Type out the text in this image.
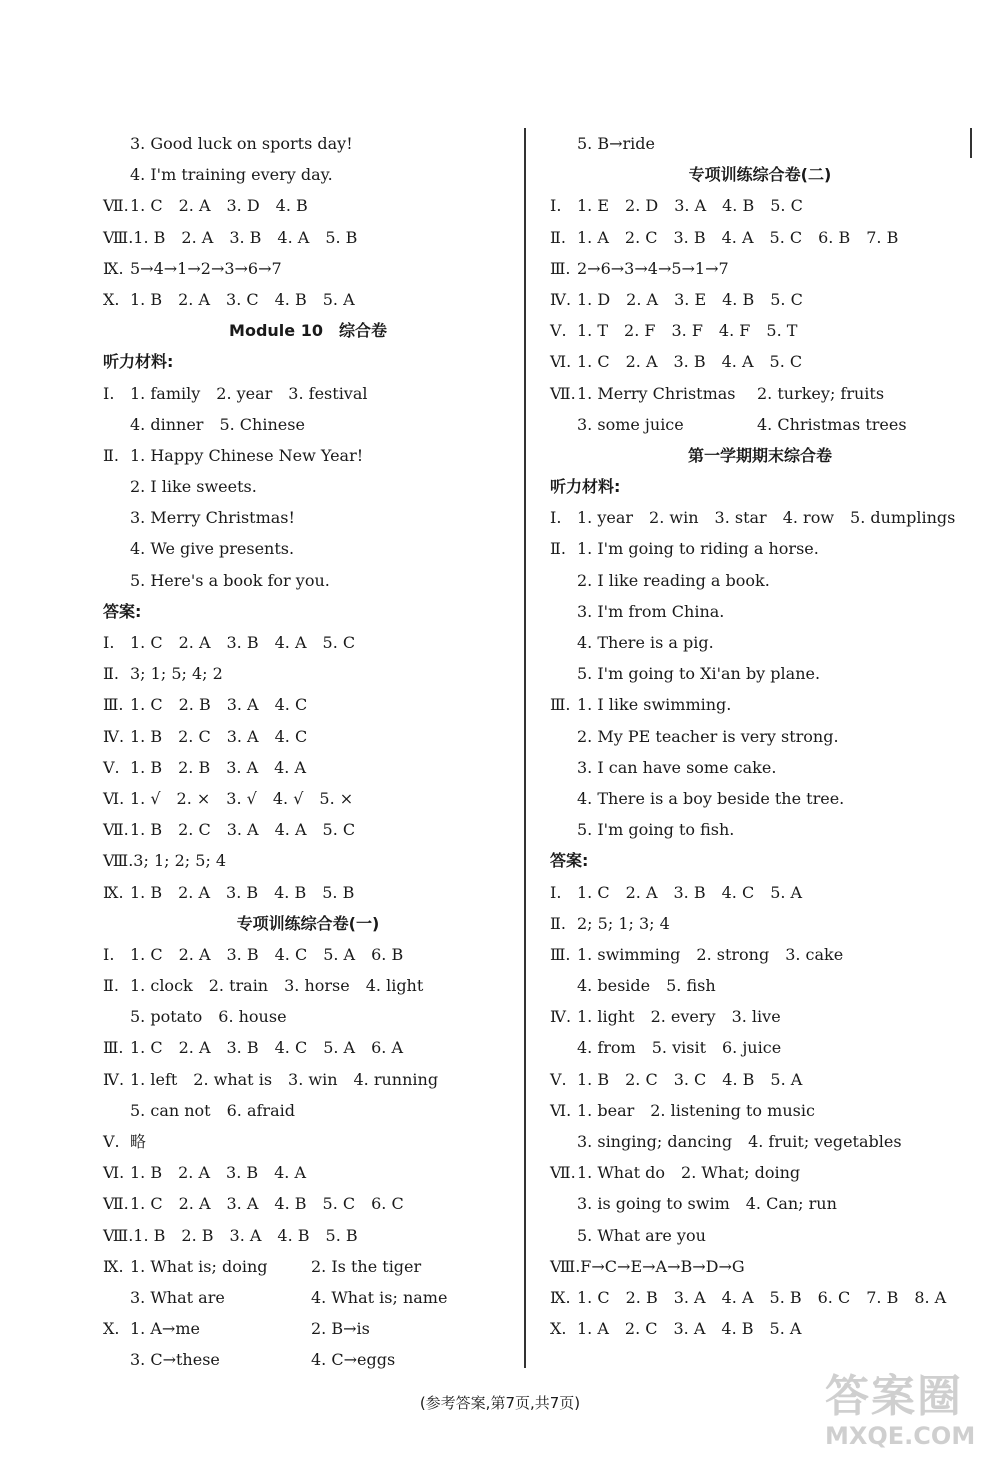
3. Good luck on sports day!
4. I'm training every day.
Ⅶ.1. C　2. A　3. D　4. B
Ⅷ.1. B　2. A　3. B　4. A　5. B
Ⅸ. 5→4→1→2→3→6→7
Ⅹ. 1. B　2. A　3. C　4. B　5. A
Module 10　综合卷
听力材料:
Ⅰ. 1. family　2. year　3. festival
4. dinner　5. Chinese
Ⅱ. 1. Happy Chinese New Year!
2. I like sweets.
3. Merry Christmas!
4. We give presents.
5. Here's a book for you.
答案:
Ⅰ. 1. C　2. A　3. B　4. A　5. C
Ⅱ. 3; 1; 5; 4; 2
Ⅲ. 1. C　2. B　3. A　4. C
Ⅳ. 1. B　2. C　3. A　4. C
Ⅴ. 1. B　2. B　3. A　4. A
Ⅵ. 1. √　2. ×　3. √　4. √　5. ×
Ⅶ.1. B　2. C　3. A　4. A　5. C
Ⅷ.3; 1; 2; 5; 4
Ⅸ. 1. B　2. A　3. B　4. B　5. B
专项训练综合卷(一)
Ⅰ. 1. C　2. A　3. B　4. C　5. A　6. B
Ⅱ. 1. clock　2. train　3. horse　4. light
5. potato　6. house
Ⅲ. 1. C　2. A　3. B　4. C　5. A　6. A
Ⅳ. 1. left　2. what is　3. win　4. running
5. can not　6. afraid
Ⅴ. 略
Ⅵ. 1. B　2. A　3. B　4. A
Ⅶ.1. C　2. A　3. A　4. B　5. C　6. C
Ⅷ.1. B　2. B　3. A　4. B　5. B
Ⅸ. 1. What is; doing	2. Is the tiger
3. What are	4. What is; name
Ⅹ. 1. A→me	2. B→is
3. C→these	4. C→eggs
5. B→ride
专项训练综合卷(二)
Ⅰ. 1. E　2. D　3. A　4. B　5. C
Ⅱ. 1. A　2. C　3. B　4. A　5. C　6. B　7. B
Ⅲ. 2→6→3→4→5→1→7
Ⅳ. 1. D　2. A　3. E　4. B　5. C
Ⅴ. 1. T　2. F　3. F　4. F　5. T
Ⅵ. 1. C　2. A　3. B　4. A　5. C
Ⅶ.1. Merry Christmas 2. turkey; fruits
3. some juice	4. Christmas trees
第一学期期末综合卷
听力材料:
Ⅰ. 1. year　2. win　3. star　4. row　5. dumplings
Ⅱ. 1. I'm going to riding a horse.
2. I like reading a book.
3. I'm from China.
4. There is a pig.
5. I'm going to Xi'an by plane.
Ⅲ. 1. I like swimming.
2. My PE teacher is very strong.
3. I can have some cake.
4. There is a boy beside the tree.
5. I'm going to fish.
答案:
Ⅰ. 1. C　2. A　3. B　4. C　5. A
Ⅱ. 2; 5; 1; 3; 4
Ⅲ. 1. swimming　2. strong　3. cake
4. beside　5. fish
Ⅳ. 1. light　2. every　3. live
4. from　5. visit　6. juice
Ⅴ. 1. B　2. C　3. C　4. B　5. A
Ⅵ. 1. bear　2. listening to music
3. singing; dancing　4. fruit; vegetables
Ⅶ.1. What do　2. What; doing
3. is going to swim　4. Can; run
5. What are you
Ⅷ.F→C→E→A→B→D→G
Ⅸ. 1. C　2. B　3. A　4. A　5. B　6. C　7. B　8. A
Ⅹ. 1. A　2. C　3. A　4. B　5. A
(参考答案,第7页,共7页)	答案圈
MXQE.COM
